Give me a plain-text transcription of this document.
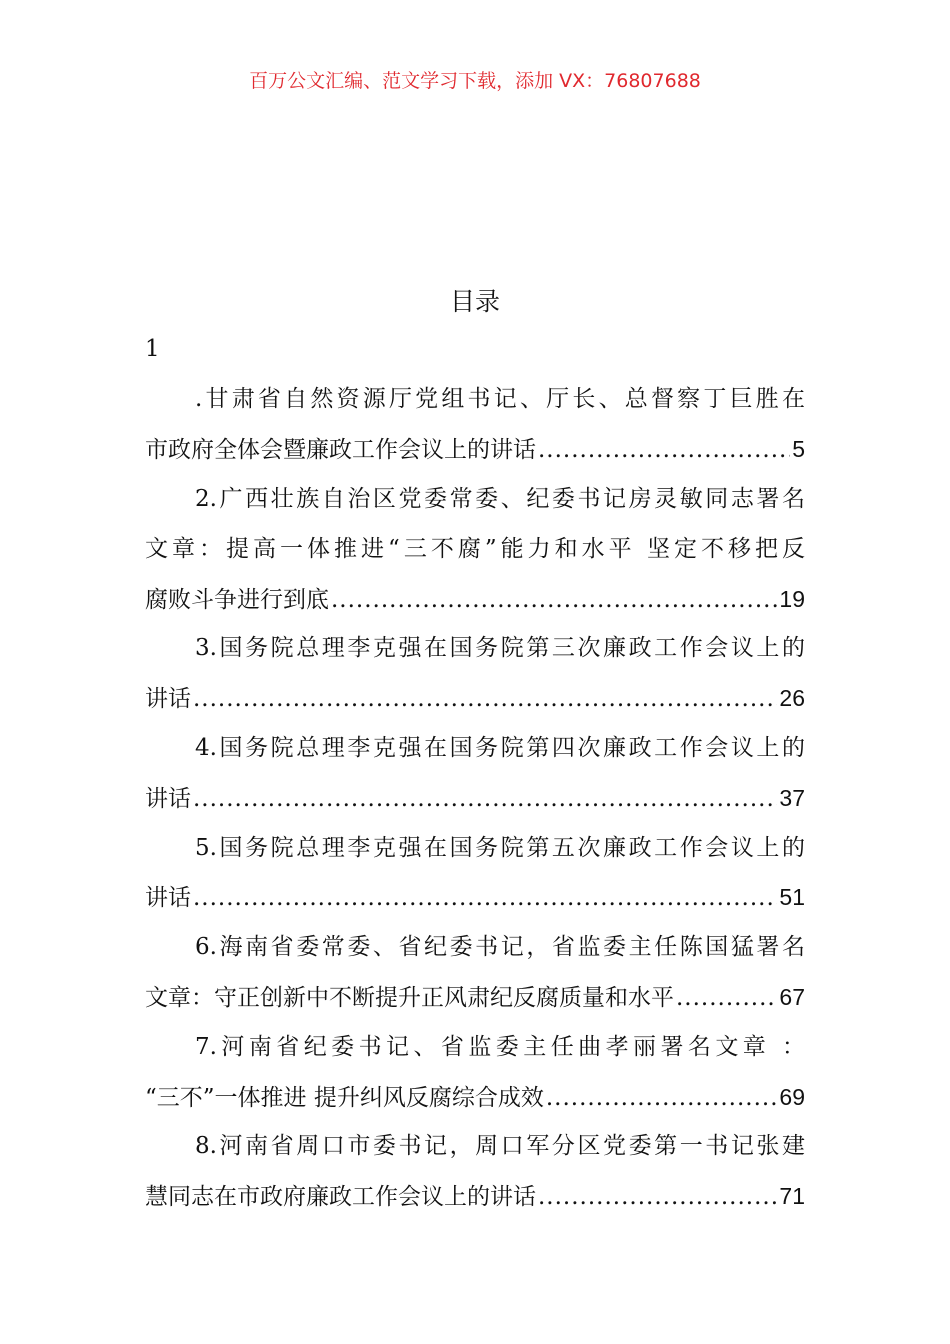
百万公文汇编、范文学习下载，添加 VX：76807688
目录
1
.甘肃省自然资源厅党组书记、厅长、总督察丁巨胜在
市政府全体会暨廉政工作会议上的讲话 .....	5
2.广西壮族自治区党委常委、纪委书记房灵敏同志署名
文章：提高一体推进“三不腐”能力和水平 坚定不移把反
腐败斗争进行到底 .....	19
3.国务院总理李克强在国务院第三次廉政工作会议上的
讲话 .....	26
4.国务院总理李克强在国务院第四次廉政工作会议上的
讲话 .....	37
5.国务院总理李克强在国务院第五次廉政工作会议上的
讲话 .....	51
6.海南省委常委、省纪委书记，省监委主任陈国猛署名
文章：守正创新中不断提升正风肃纪反腐质量和水平 .....	67
7.河南省纪委书记、省监委主任曲孝丽署名文章 ：
“三不”一体推进 提升纠风反腐综合成效 .....	69
8.河南省周口市委书记，周口军分区党委第一书记张建
慧同志在市政府廉政工作会议上的讲话 .....	71
